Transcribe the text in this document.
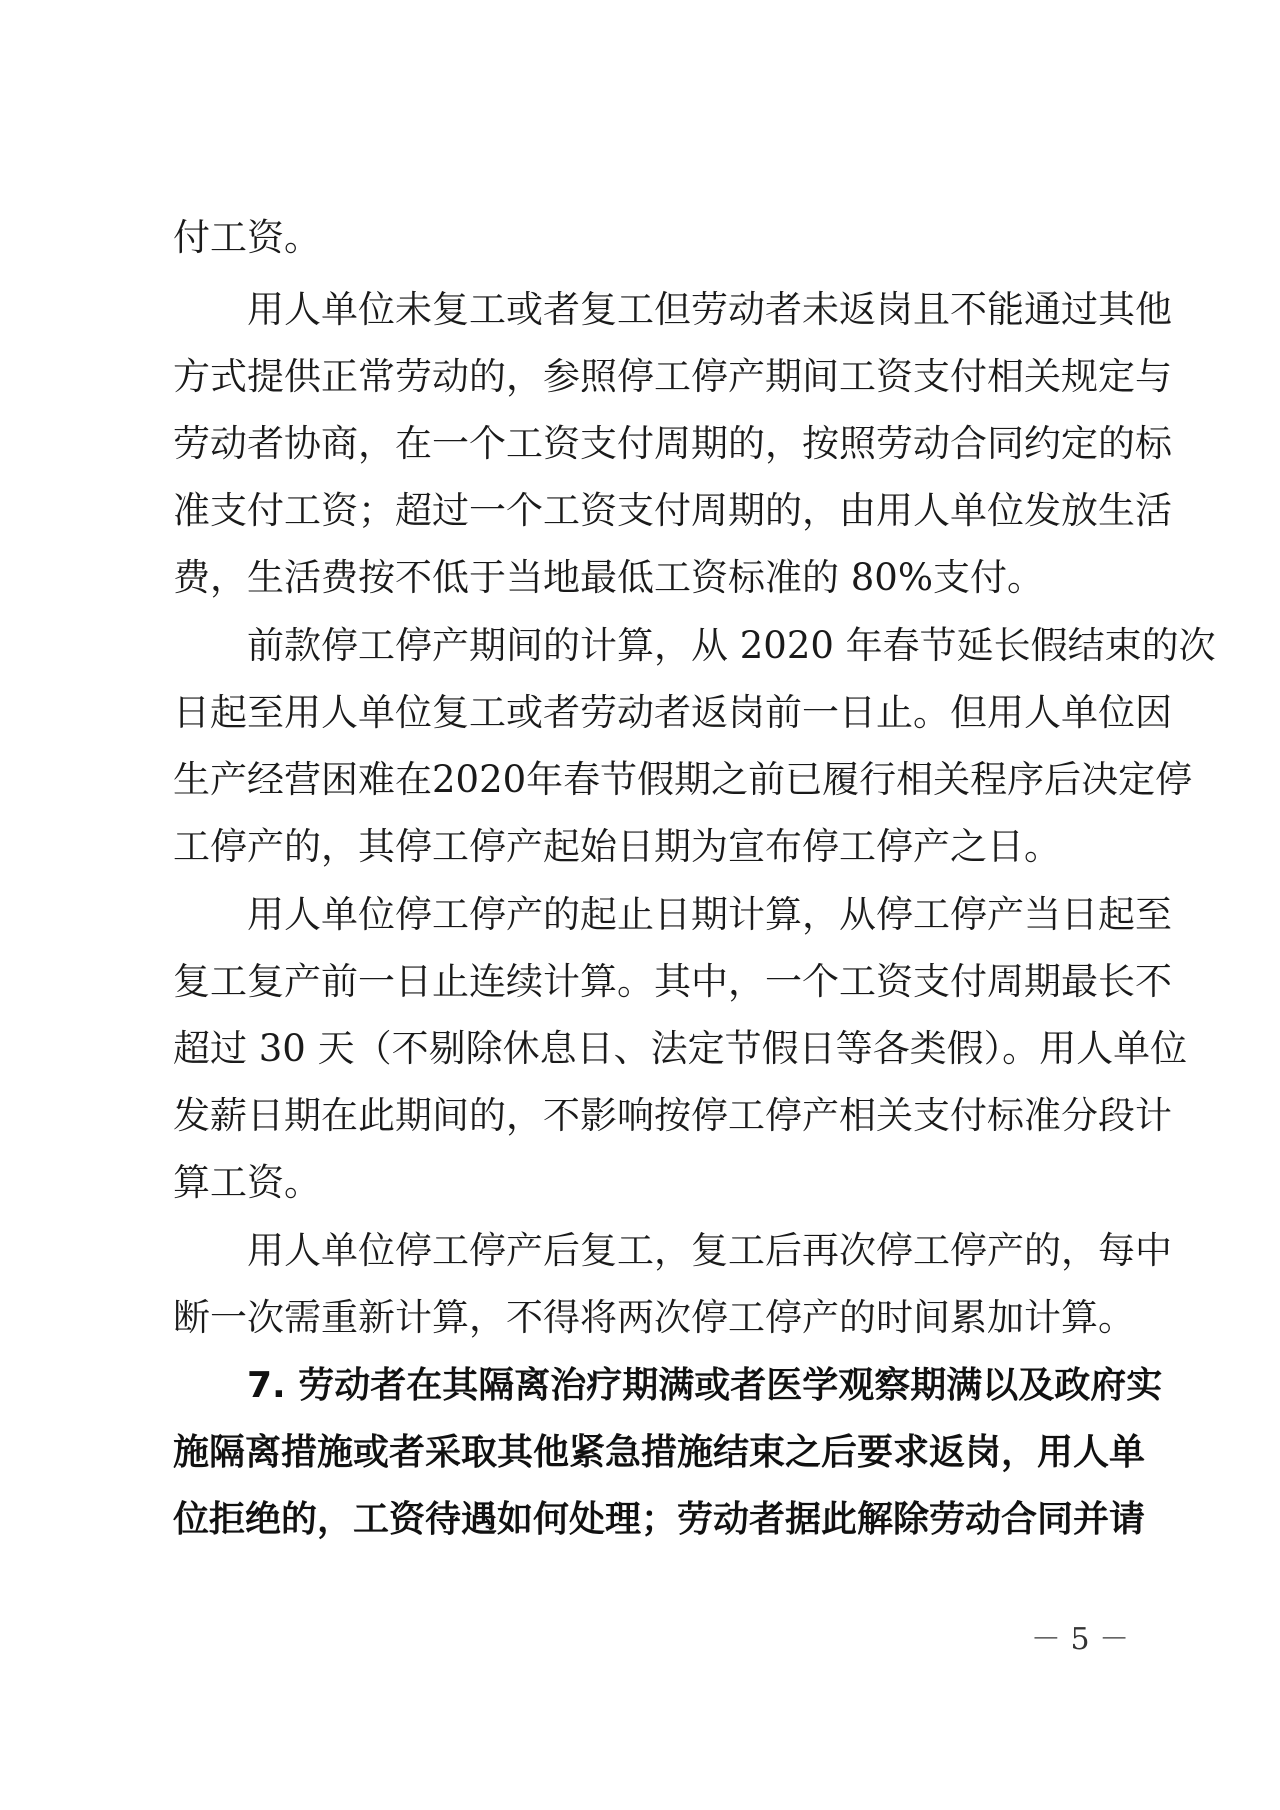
付工资。
用人单位未复工或者复工但劳动者未返岗且不能通过其他
方式提供正常劳动的，参照停工停产期间工资支付相关规定与
劳动者协商，在一个工资支付周期的，按照劳动合同约定的标
准支付工资；超过一个工资支付周期的，由用人单位发放生活
费，生活费按不低于当地最低工资标准的 80%支付。
前款停工停产期间的计算，从 2020 年春节延长假结束的次
日起至用人单位复工或者劳动者返岗前一日止。但用人单位因
生产经营困难在2020年春节假期之前已履行相关程序后决定停
工停产的，其停工停产起始日期为宣布停工停产之日。
用人单位停工停产的起止日期计算，从停工停产当日起至
复工复产前一日止连续计算。其中，一个工资支付周期最长不
超过 30 天（不剔除休息日、法定节假日等各类假）。用人单位
发薪日期在此期间的，不影响按停工停产相关支付标准分段计
算工资。
用人单位停工停产后复工，复工后再次停工停产的，每中
断一次需重新计算，不得将两次停工停产的时间累加计算。
7. 劳动者在其隔离治疗期满或者医学观察期满以及政府实
施隔离措施或者采取其他紧急措施结束之后要求返岗，用人单
位拒绝的，工资待遇如何处理；劳动者据此解除劳动合同并请
－ 5 －
